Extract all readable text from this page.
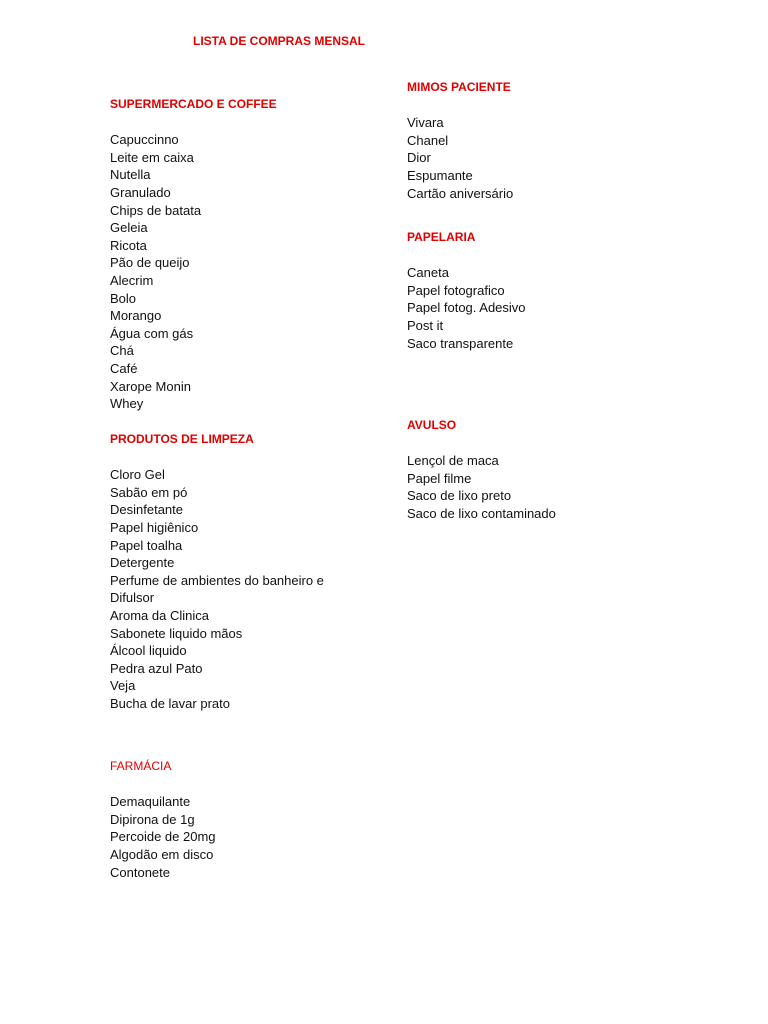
LISTA DE COMPRAS MENSAL
SUPERMERCADO E COFFEE
Capuccinno
Leite em caixa
Nutella
Granulado
Chips de batata
Geleia
Ricota
Pão de queijo
Alecrim
Bolo
Morango
Água com gás
Chá
Café
Xarope Monin
Whey
PRODUTOS DE LIMPEZA
Cloro Gel
Sabão em pó
Desinfetante
Papel higiênico
Papel toalha
Detergente
Perfume de ambientes do banheiro e Difulsor
Aroma da Clinica
Sabonete liquido mãos
Álcool liquido
Pedra azul Pato
Veja
Bucha de lavar prato
FARMÁCIA
Demaquilante
Dipirona de 1g
Percoide de 20mg
Algodão em disco
Contonete
MIMOS PACIENTE
Vivara
Chanel
Dior
Espumante
Cartão aniversário
PAPELARIA
Caneta
Papel fotografico
Papel fotog. Adesivo
Post it
Saco transparente
AVULSO
Lençol de maca
Papel filme
Saco de lixo preto
Saco de lixo contaminado
